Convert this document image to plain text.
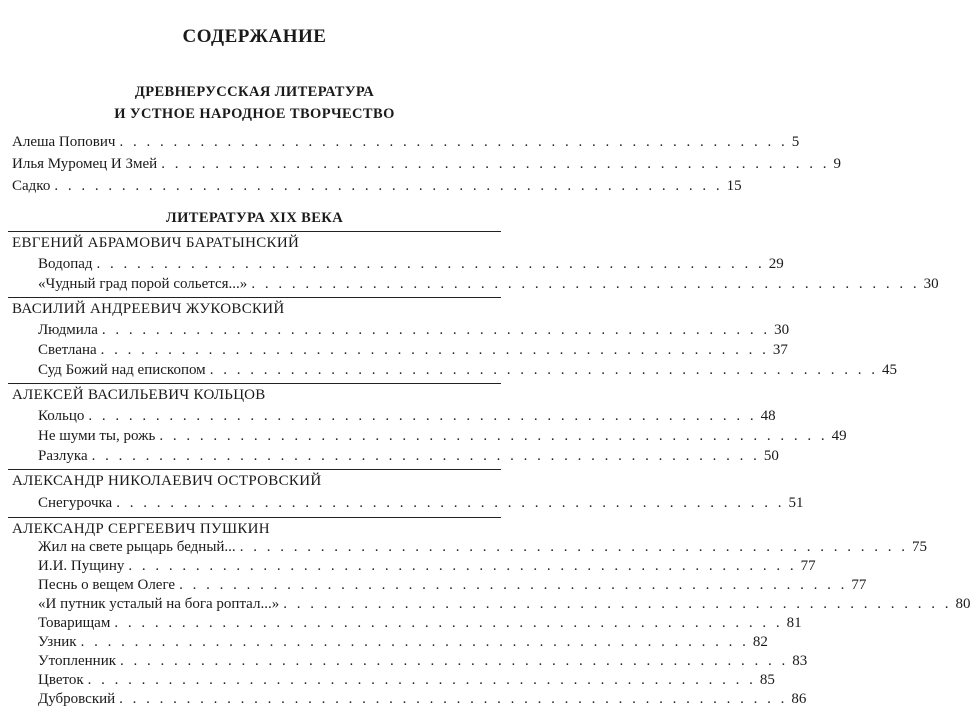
СОДЕРЖАНИЕ
ДРЕВНЕРУССКАЯ ЛИТЕРАТУРА
И УСТНОЕ НАРОДНОЕ ТВОРЧЕСТВО
Алеша Попович . . . . . . . . . . . . . . . . . . . . . . . . . . . . . . . . . . . . . . . . . . . . . . . . . . 5
Илья Муромец И Змей . . . . . . . . . . . . . . . . . . . . . . . . . . . . . . . . . . . . . . . . . . . . . . . . . . 9
Садко . . . . . . . . . . . . . . . . . . . . . . . . . . . . . . . . . . . . . . . . . . . . . . . . . . 15
ЛИТЕРАТУРА XIX ВЕКА
ЕВГЕНИЙ АБРАМОВИЧ БАРАТЫНСКИЙ
Водопад . . . . . . . . . . . . . . . . . . . . . . . . . . . . . . . . . . . . . . . . . . . . . . . . . . 29
«Чудный град порой сольется...» . . . . . . . . . . . . . . . . . . . . . . . . . . . . . . . . . . . . . . . . . . . . . . . . . . 30
ВАСИЛИЙ АНДРЕЕВИЧ ЖУКОВСКИЙ
Людмила . . . . . . . . . . . . . . . . . . . . . . . . . . . . . . . . . . . . . . . . . . . . . . . . . . 30
Светлана . . . . . . . . . . . . . . . . . . . . . . . . . . . . . . . . . . . . . . . . . . . . . . . . . . 37
Суд Божий над епископом . . . . . . . . . . . . . . . . . . . . . . . . . . . . . . . . . . . . . . . . . . . . . . . . . . 45
АЛЕКСЕЙ ВАСИЛЬЕВИЧ КОЛЬЦОВ
Кольцо . . . . . . . . . . . . . . . . . . . . . . . . . . . . . . . . . . . . . . . . . . . . . . . . . . 48
Не шуми ты, рожь . . . . . . . . . . . . . . . . . . . . . . . . . . . . . . . . . . . . . . . . . . . . . . . . . . 49
Разлука . . . . . . . . . . . . . . . . . . . . . . . . . . . . . . . . . . . . . . . . . . . . . . . . . . 50
АЛЕКСАНДР НИКОЛАЕВИЧ ОСТРОВСКИЙ
Снегурочка . . . . . . . . . . . . . . . . . . . . . . . . . . . . . . . . . . . . . . . . . . . . . . . . . . 51
АЛЕКСАНДР СЕРГЕЕВИЧ ПУШКИН
Жил на свете рыцарь бедный... . . . . . . . . . . . . . . . . . . . . . . . . . . . . . . . . . . . . . . . . . . . . . . . . . . 75
И.И. Пущину . . . . . . . . . . . . . . . . . . . . . . . . . . . . . . . . . . . . . . . . . . . . . . . . . . 77
Песнь о вещем Олеге . . . . . . . . . . . . . . . . . . . . . . . . . . . . . . . . . . . . . . . . . . . . . . . . . . 77
«И путник усталый на бога роптал...» . . . . . . . . . . . . . . . . . . . . . . . . . . . . . . . . . . . . . . . . . . . . . . . . . . 80
Товарищам . . . . . . . . . . . . . . . . . . . . . . . . . . . . . . . . . . . . . . . . . . . . . . . . . . 81
Узник . . . . . . . . . . . . . . . . . . . . . . . . . . . . . . . . . . . . . . . . . . . . . . . . . . 82
Утопленник . . . . . . . . . . . . . . . . . . . . . . . . . . . . . . . . . . . . . . . . . . . . . . . . . . 83
Цветок . . . . . . . . . . . . . . . . . . . . . . . . . . . . . . . . . . . . . . . . . . . . . . . . . . 85
Дубровский . . . . . . . . . . . . . . . . . . . . . . . . . . . . . . . . . . . . . . . . . . . . . . . . . . 86
